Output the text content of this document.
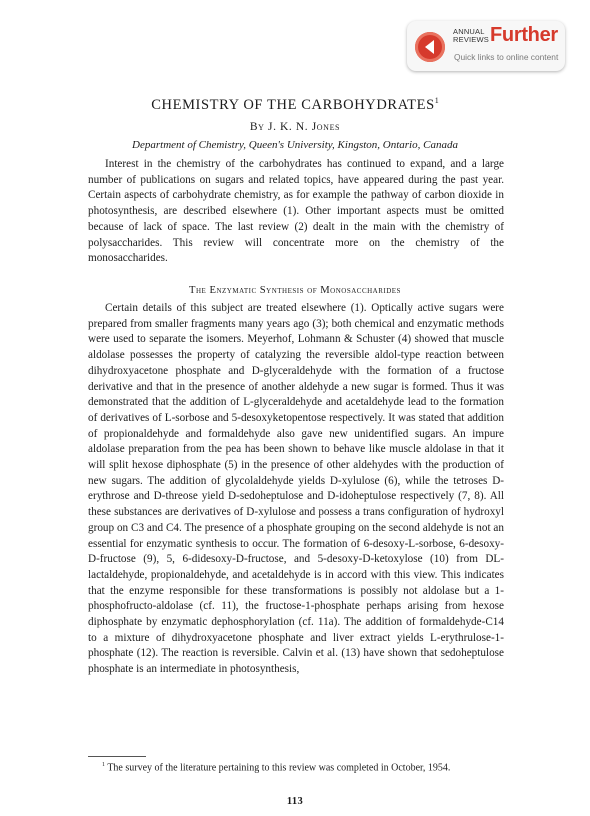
ANNUAL
REVIEWS Further
Quick links to online content
CHEMISTRY OF THE CARBOHYDRATES$^1$
By J. K. N. Jones
Department of Chemistry, Queen's University, Kingston, Ontario, Canada

Interest in the chemistry of the carbohydrates has continued to expand, and a large number of publications on sugars and related topics, have appeared during the past year. Certain aspects of carbohydrate chemistry, as for example the pathway of carbon dioxide in photosynthesis, are described elsewhere (1). Other important aspects must be omitted because of lack of space. The last review (2) dealt in the main with the chemistry of polysaccharides. This review will concentrate more on the chemistry of the monosaccharides.

The Enzymatic Synthesis of Monosaccharides

Certain details of this subject are treated elsewhere (1). Optically active sugars were prepared from smaller fragments many years ago (3); both chemical and enzymatic methods were used to separate the isomers. Meyerhof, Lohmann & Schuster (4) showed that muscle aldolase possesses the property of catalyzing the reversible aldol-type reaction between dihydroxyacetone phosphate and D-glyceraldehyde with the formation of a fructose derivative and that in the presence of another aldehyde a new sugar is formed. Thus it was demonstrated that the addition of L-glyceraldehyde and acetaldehyde lead to the formation of derivatives of L-sorbose and 5-desoxyketopentose respectively. It was stated that addition of propionaldehyde and formaldehyde also gave new unidentified sugars. An impure aldolase preparation from the pea has been shown to behave like muscle aldolase in that it will split hexose diphosphate (5) in the presence of other aldehydes with the production of new sugars. The addition of glycolaldehyde yields D-xylulose (6), while the tetroses D-erythrose and D-threose yield D-sedoheptulose and D-idoheptulose respectively (7, 8). All these substances are derivatives of D-xylulose and possess a trans configuration of hydroxyl group on C3 and C4. The presence of a phosphate grouping on the second aldehyde is not an essential for enzymatic synthesis to occur. The formation of 6-desoxy-L-sorbose, 6-desoxy-D-fructose (9), 5, 6-didesoxy-D-fructose, and 5-desoxy-D-ketoxylose (10) from DL-lactaldehyde, propionaldehyde, and acetaldehyde is in accord with this view. This indicates that the enzyme responsible for these transformations is possibly not aldolase but a 1-phosphofructo-aldolase (cf. 11), the fructose-1-phosphate perhaps arising from hexose diphosphate by enzymatic dephosphorylation (cf. 11a). The addition of formaldehyde-C14 to a mixture of dihydroxyacetone phosphate and liver extract yields L-erythrulose-1-phosphate (12). The reaction is reversible. Calvin et al. (13) have shown that sedoheptulose phosphate is an intermediate in photosynthesis,

$^1$ The survey of the literature pertaining to this review was completed in October, 1954.

113
